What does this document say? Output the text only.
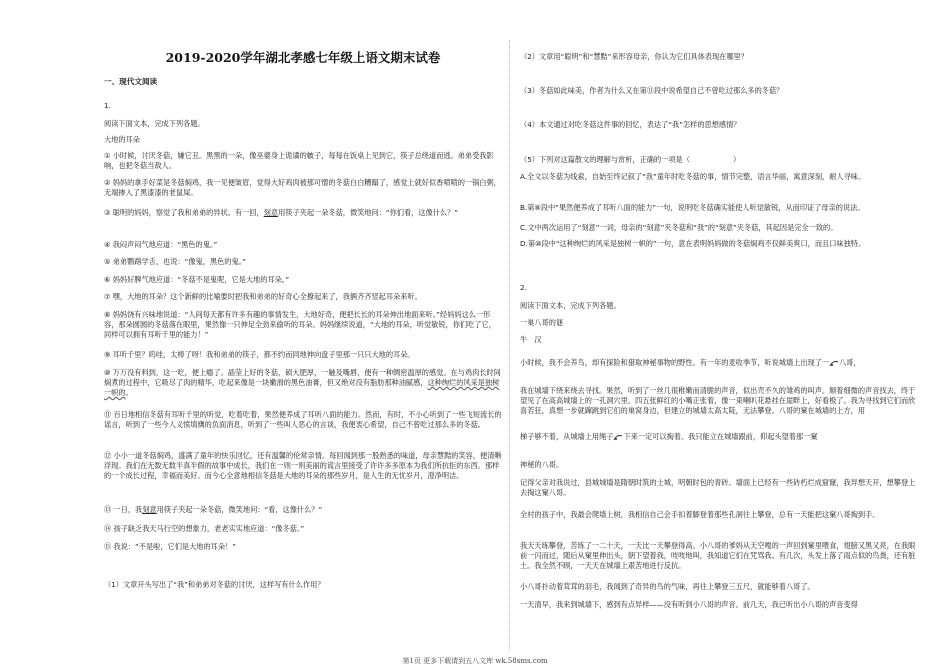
2019-2020学年湖北孝感七年级上语文期末试卷
一、现代文阅读

1.

阅读下面文本，完成下列各题。

大地的耳朵

① 小时候，讨厌冬菇，嫌它丑。黑黑的一朵，像巫婆身上诡谲的帔子，每每在饭桌上见到它，筷子总绕道而逃。弟弟受我影响，也把冬菇当敌人。

② 妈妈的拿手好菜是冬菇焖鸡，我一见便皱眉，觉得大好鸡肉被那可憎的冬菇白白糟蹋了，感觉上就好似香喷喷的一锅白粥，无端掺入了黑漆漆的老鼠屎。

③ 聪明的妈妈，察觉了我和弟弟的异状。有一回，刻意用筷子夹起一朵冬菇，微笑地问：“你们看，这像什么？”

④ 我闷声闷气地应道：“黑色的鬼。”

⑤ 弟弟鹦鹉学舌，也说：“像鬼，黑色的鬼。”

⑥ 妈妈好脾气地应道：“冬菇不是鬼呢，它是大地的耳朵。”

⑦ 嘿，大地的耳朵？这个新鲜的比喻要时把我和弟弟的好奇心全撩起来了，我俩齐齐竖起耳朵来听。

⑧ 妈妈饶有兴味地说道：“人间每天都有许多有趣的事情发生，大地好奇，便把长长的耳朵伸出地面来听。”经妈妈这么一形容，那朵圆圆的冬菇落在眼里，果然像一只伸足全劲来偷听的耳朵。妈妈继续说道，“大地的耳朵，听觉敏锐，你们吃了它，同样可以拥有耳听千里的能力！”

⑨ 耳听千里？呜哇，太棒了呀！我和弟弟的筷子，都不约而同地伸向盘子里那一只只大地的耳朵。

⑩ 万万没有料到，这一吃，便上瘾了。晶莹上好的冬菇，硕大肥厚，一触及嘴唇，便有一种绸密温厚的感觉。在与鸡肉长时间焖煮的过程中，它吸尽了肉的精华，吃起来像是一块嫩滑的黑色油膏，但又绝对没有脂肪那种油腻感，这种绚烂的风采是独树一帜的。

⑪ 百日地相信冬菇有耳听千里的听觉，吃着吃着，果然便养成了耳听八面的能力。然而，有时，不小心听到了一些飞短流长的谣言，听到了一些今人义愤填膺的负面消息，听到了一些叫人恶心的言谈，我便衷心希望，自己不曾吃过那么多的冬菇。

⑫ 小小一道冬菇焖鸡，盛满了童年的快乐回忆，还有温馨的伦常亲情。每回闻到那一股熟悉的味道，母亲慧黠的笑容，便清晰浮现。我们在无数无数半真半假的故事中成长，我们在一则一则美丽的谎言里接受了许许多多原本为我们所抗拒的东西。那样的一个成长过程，幸福而美好。而今心全意地相信冬菇是大地的耳朵的那些岁月，是人生的无忧岁月，澄净明洁。

⑬ 一日，我刻意用筷子夹起一朵冬菇，微笑地问：“看，这像什么？”

⑭ 孩子缺乏我天马行空的想象力，老老实实地应道：“像冬菇。”

⑮ 我说：“不是啦，它们是大地的耳朵！”

（1）文章开头写出了“我”和弟弟对冬菇的讨厌，这样写有什么作用？

（2）文章用“聪明”和“慧黠”来形容母亲，你认为它们具体表现在哪里？

（3）冬菇如此味美，作者为什么又在第⑪段中说希望自己不曾吃过那么多的冬菇？

（4）本文通过对吃冬菇这件事的回忆，表达了“我”怎样的思想感情？

（5）下列对这篇散文的理解与赏析，正确的一项是（　　　　　　）

A.全文以冬菇为线索，自始至终记叙了“我”童年时吃冬菇的事，情节完整，语言华丽，寓意深刻，耐人寻味。

B.第⑧段中“果然便养成了耳听八面的能力”一句，说明吃冬菇确实能使人听觉敏锐，从而印证了母亲的说法。

C.文中两次运用了“刻意”一词，母亲的“刻意”夹冬菇和“我”的“刻意”夹冬菇，其起因是完全一致的。

D.第⑩段中“这种绚烂的风采是独树一帜的”一句，意在表明妈妈做的冬菇焖鸡不仅鲜美爽口，而且口味独特。

2.

阅读下面文本，完成下列各题。

一巢八哥的谜

牛　汉

小时候，我不会养鸟，却有探险和猎取神秘事物的野性。有一年的麦收季节，听说城墙上出现了一 八哥，

我在城墙下绕来绕去寻找。果然，听到了一丝几很稚嫩而清脆的声音，似出壳不久的雏鸡的叫声。顺着细微的声音找去，终于望见了在高高城墙上的一孔洞穴里。四五张鲜红的小嘴正张着，像一束喇叭花悬挂在崖畔上，好看极了。我为寻找到它们而欣喜若狂，真想一步就蹿跳到它们的巢窝身边，但建立的城墙太高太陡，无法攀登。八哥的窠在城墙的上方，用

梯子够不着，从城墙上用绳子 下来一定可以掏着。我只能立在城墙跟前，仰起头望着那一窠

神秘的八哥。

记得父亲对我说过，县城城墙是隋朝时筑的土城，明朝时包的青砖。墙面上已经有一些砖朽烂成窟窿，我异想天开，想攀登上去掏这窠八哥。

全村的孩子中，我最会爬墙上树，我相信自己会手扣着脚登着那些孔洞往上攀登，总有一天能把这窠八哥掏到手。

我天天练攀登，苦练了一二十天，一天比一天攀登得高。小八哥的爹妈从天空嘎的一声回到窠里喂食，翅膀又黑又亮，在我眼前一闪而过，随后从窠里伸出头，朝下望着我，吱吱地叫，我知道它们在咒骂我。有几次，头发上落了雨点似的鸟粪，还有脏土。我全然不顾，一天天在城墙上艰苦地进行反抗。

小八哥扑动着茸茸的羽毛，我闻到了奇异的鸟的气味，再往上攀登三五尺，就能够着八哥了。

一天清早，我来到城墙下，感到有点异样——没有听到小八哥的声音。前几天，我已听出小八哥的声音变得

第1页 更多下载请到五八文库 wk.58sms.com
